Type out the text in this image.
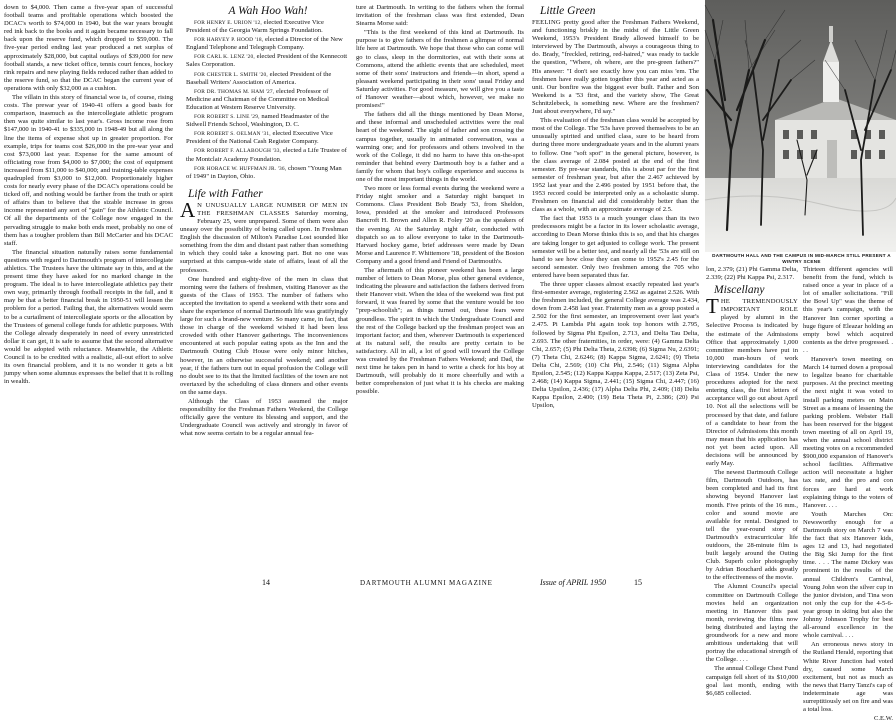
down to $4,000. Then came a five-year span of successful football teams and profitable operations which boosted the DCAC's worth to $74,000 in 1940, but the war years brought red ink back to the books and it again became necessary to fall back upon the reserve fund, which dropped to $59,000. The five-year period ending last year produced a net surplus of approximately $28,000, but capital outlays of $39,000 for new football stands, a new ticket office, tennis court fences, hockey rink repairs and new playing fields reduced rather than added to the reserve fund, so that the DCAC began the current year of operations with only $32,000 as a cushion.

The villain in this story of financial woe is, of course, rising costs. The prewar year of 1940-41 offers a good basis for comparison, inasmuch as the intercollegiate athletic program then was quite similar to last year's. Gross income rose from $147,000 in 1940-41 to $335,000 in 1948-49 but all along the line the items of expense shot up in greater proportion. For example, trips for teams cost $26,000 in the pre-war year and cost $73,000 last year. Expense for the same amount of officiating rose from $4,000 to $7,000; the cost of equipment increased from $11,000 to $40,000; and training-table expenses quadrupled from $3,000 to $12,000. Proportionately higher costs for nearly every phase of the DCAC's operations could be ticked off, and nothing would be farther from the truth or spirit of affairs than to believe that the sizable increase in gross income represented any sort of "gain" for the Athletic Council. Of all the departments of the College now engaged in the pervading struggle to make both ends meet, probably no one of them has a tougher problem than Bill McCarter and his DCAC staff.

The financial situation naturally raises some fundamental questions with regard to Dartmouth's program of intercollegiate athletics. The Trustees have the ultimate say in this, and at the present time they have asked for no marked change in the program. The ideal is to have intercollegiate athletics pay their own way, primarily through football receipts in the fall, and it may be that a better financial break in 1950-51 will lessen the problem for a period. Failing that, the alternatives would seem to be a curtailment of intercollegiate sports or the allocation by the Trustees of general college funds for athletic purposes. With the College already desperately in need of every unrestricted dollar it can get, it is safe to assume that the second alternative would be adopted with reluctance. Meanwhile, the Athletic Council is to be credited with a realistic, all-out effort to solve its own financial problem, and it is no wonder it gets a bit jumpy when some alumnus expresses the belief that it is rolling in wealth.

A Wah Hoo Wah!

FOR HENRY E. URION '12, elected Executive Vice President of the Georgia Warm Springs Foundation.

FOR HARVEY P. HOOD '18, elected a Director of the New England Telephone and Telegraph Company.

FOR CARL K. LENZ '20, elected President of the Kennecott Sales Corporation.

FOR CHESTER L. SMITH '20, elected President of the Baseball Writers' Association of America.

FOR DR. THOMAS M. HAM '27, elected Professor of Medicine and Chairman of the Committee on Medical Education at Western Reserve University.

FOR ROBERT S. LINE '29, named Headmaster of the Sidwell Friends School, Washington, D. C.

FOR ROBERT S. OELMAN '31, elected Executive Vice President of the National Cash Register Company.

FOR ROBERT F. ALLABOUGH '33, elected a Life Trustee of the Montclair Academy Foundation.

FOR HORACE W. HUFFMAN JR. '36, chosen "Young Man of 1949" in Dayton, Ohio.

Life with Father

A N UNUSUALLY LARGE NUMBER OF MEN IN THE FRESHMAN CLASSES Saturday morning, February 25, were unprepared. Some of them were also uneasy over the possibility of being called upon. In Freshman English the discussion of Milton's Paradise Lost sounded like something from the dim and distant past rather than something in which they could take a knowing part. But no one was surprised at this campus-wide state of affairs, least of all the professors.

One hundred and eighty-five of the men in class that morning were the fathers of freshmen, visiting Hanover as the guests of the Class of 1953. The number of fathers who accepted the invitation to spend a weekend with their sons and share the experience of normal Dartmouth life was gratifyingly large for such a brand-new venture. So many came, in fact, that those in charge of the weekend wished it had been less crowded with other Hanover gatherings. The inconveniences encountered at such popular eating spots as the Inn and the Dartmouth Outing Club House were only minor hitches, however, in an otherwise successful weekend; and another year, if the fathers turn out in equal profusion the College will no doubt see to its that the limited facilities of the town are not overtaxed by the scheduling of class dinners and other events on the same days.

Although the Class of 1953 assumed the major responsibility for the Freshman Fathers Weekend, the College officially gave the venture its blessing and support, and the Undergraduate Council was actively and strongly in favor of what now seems certain to be a regular annual fea-

ture at Dartmouth. In writing to the fathers when the formal invitation of the freshman class was first extended, Dean Stearns Morse said:

"This is the first weekend of this kind at Dartmouth. Its purpose is to give fathers of the freshmen a glimpse of normal life here at Dartmouth. We hope that those who can come will go to class, sleep in the dormitories, eat with their sons at Commons, attend the athletic events that are scheduled, meet some of their sons' instructors and friends—in short, spend a pleasant weekend participating in their sons' usual Friday and Saturday activities. For good measure, we will give you a taste of Hanover weather—about which, however, we make no promises!"

The fathers did all the things mentioned by Dean Morse, and these informal and unscheduled activities were the real heart of the weekend. The sight of father and son crossing the campus together, usually in animated conversation, was a warming one; and for professors and others involved in the work of the College, it did no harm to have this on-the-spot reminder that behind every Dartmouth boy is a father and a family for whom that boy's college experience and success is one of the most important things in the world.

Two more or less formal events during the weekend were a Friday night smoker and a Saturday night banquet in Commons. Class President Bob Brady '53, from Sheldon, Iowa, presided at the smoker and introduced Professors Bancroft H. Brown and Allen R. Foley '20 as the speakers of the evening. At the Saturday night affair, conducted with dispatch so as to allow everyone to take in the Dartmouth-Harvard hockey game, brief addresses were made by Dean Morse and Laurence F. Whittemore '18, president of the Boston Company and a good friend and Friend of Dartmouth's.

The aftermath of this pioneer weekend has been a large number of letters to Dean Morse, plus other general evidence, indicating the pleasure and satisfaction the fathers derived from their Hanover visit. When the idea of the weekend was first put forward, it was feared by some that the venture would be too "prep-schoolish"; as things turned out, these fears were groundless. The spirit in which the Undergraduate Council and the rest of the College backed up the freshman project was an important factor; and then, wherever Dartmouth is experienced at its natural self, the results are pretty certain to be satisfactory. All in all, a lot of good will toward the College was created by the Freshman Fathers Weekend; and Dad, the next time he takes pen in hand to write a check for his boy at Dartmouth, will probably do it more cheerfully and with a better comprehension of just what it is his checks are making possible.

Little Green

FEELING pretty good after the Freshman Fathers Weekend, and functioning briskly in the midst of the Little Green Weekend, 1953's President Brady allowed himself to be interviewed by The Dartmouth, always a courageous thing to do. Brady, "freckled, retiring, red-haired," was ready to tackle the question, "Where, oh where, are the pre-green fathers?" His answer: "I don't see exactly how you can miss 'em. The freshmen have really gotten together this year and acted as a unit. Our bonfire was the biggest ever built. Father and Son Weekend is a '53 first, and the variety show, The Great Schnitzlebeck, is something new. Where are the freshmen? Just about everywhere, I'd say."

This evaluation of the freshman class would be accepted by most of the College. The '53s have proved themselves to be an unusually spirited and unified class, sure to be heard from during three more undergraduate years and in the alumni years to follow. One "soft spot" in the general picture, however, is the class average of 2.084 posted at the end of the first semester. By pre-war standards, this is about par for the first semester of freshman year, but after the 2.467 achieved by 1952 last year and the 2.496 posted by 1951 before that, the 1953 record could be interpreted only as a scholastic slump. Freshmen on financial aid did considerably better than the class as a whole, with an approximate average of 2.5.

The fact that 1953 is a much younger class than its two predecessors might be a factor in its lower scholastic average, according to Dean Morse thinks this is so, and that his charges are taking longer to get adjusted to college work. The present semester will be a better test, and nearly all the '53s are still on hand to see how close they can come to 1952's 2.45 for the second semester. Only two freshmen among the 705 who entered have been separated thus far.

The three upper classes almost exactly repeated last year's first-semester average, registering 2.562 as against 2.526. With the freshmen included, the general College average was 2.434, down from 2.458 last year. Fraternity men as a group posted a 2.502 for the first semester, an improvement over last year's 2.475. Pi Lambda Phi again took top honors with 2.795, followed by Sigma Phi Epsilon, 2.713, and Delta Tau Delta, 2.693. The other fraternities, in order, were: (4) Gamma Delta Chi, 2.657; (5) Phi Delta Theta, 2.6398; (6) Sigma Nu, 2.6391; (7) Theta Chi, 2.6246; (8) Kappa Sigma, 2.6241; (9) Theta Delta Chi, 2.569; (10) Chi Phi, 2.546; (11) Sigma Alpha Epsilon, 2.545; (12) Kappa Kappa Kappa, 2.517; (13) Zeta Psi, 2.468; (14) Kappa Sigma, 2.441; (15) Sigma Chi, 2.447; (16) Delta Upsilon, 2.436; (17) Alpha Delta Phi, 2.409; (18) Delta Kappa Epsilon, 2.400; (19) Beta Theta Pi, 2.386; (20) Psi Upsilon,

DARTMOUTH HALL AND THE CAMPUS IN MID-MARCH STILL PRESENT A WINTRY SCENE

lon, 2.379; (21) Phi Gamma Delta, 2.339; (22) Phi Kappa Psi, 2.317.

Miscellany

THE TREMENDOUSLY IMPORTANT ROLE played by alumni in the Selective Process is indicated by the estimate of the Admissions Office that approximately 1,000 committee members have put in 10,000 man-hours of work interviewing candidates for the Class of 1954. Under the new procedures adopted for the next entering class, the first letters of acceptance will go out about April 10. Not all the selections will be processed by that date, and failure of a candidate to hear from the Director of Admissions this month may mean that his application has not yet been acted upon. All decisions will be announced by early May.

The newest Dartmouth College film, Dartmouth Outdoors, has been completed and had its first showing beyond Hanover last month. Five prints of the 16 mm., color and sound movie are available for rental. Designed to tell the year-round story of Dartmouth's extracurricular life outdoors, the 28-minute film is built largely around the Outing Club. Superb color photography by Adrian Bouchard adds greatly to the effectiveness of the movie.

The Alumni Council's special committee on Dartmouth College movies held an organization meeting in Hanover this past month, reviewing the films now being distributed and laying the groundwork for a new and more ambitious undertaking that will portray the educational strength of the College. . . .

The annual College Chest Fund campaign fell short of its $10,000 goal last month, ending with $6,685 collected.

Thirteen different agencies will benefit from the fund, which is raised once a year in place of a lot of smaller solicitations. "Fill the Bowl Up" was the theme of this year's campaign, with the Hanover Inn corner sporting a huge figure of Eleazar holding an empty bowl which acquired contents as the drive progressed. . . .

Hanover's town meeting on March 14 turned down a proposal to legalize beano for charitable purposes. At the precinct meeting the next night it was voted to install parking meters on Main Street as a means of lessening the parking problem. Webster Hall has been reserved for the biggest town meeting of all on April 19, when the annual school district meeting votes on a recommended $900,000 expansion of Hanover's school facilities. Affirmative action will necessitate a higher tax rate, and the pro and con forces are hard at work explaining things to the voters of Hanover. . . .

Youth Marches On: Newsworthy enough for a Dartmouth story on March 7 was the fact that six Hanover kids, ages 12 and 13, had negotiated the Big Ski Jump for the first time. . . . The name Dickey was prominent in the results of the annual Children's Carnival, Young John won the silver cup in the junior division, and Tina won not only the cup for the 4-5-6-year group in skiing but also the Johnny Johnson Trophy for best all-around excellence in the whole carnival. . . .

An erroneous news story in the Rutland Herald, reporting that White River Junction had voted dry, caused some March excitement, but not as much as the news that Harry Tanzi's cap of indeterminate age was surreptitiously set on fire and was a total loss.

C.E.W.

14	DARTMOUTH ALUMNI MAGAZINE	Issue of APRIL 1950	15
